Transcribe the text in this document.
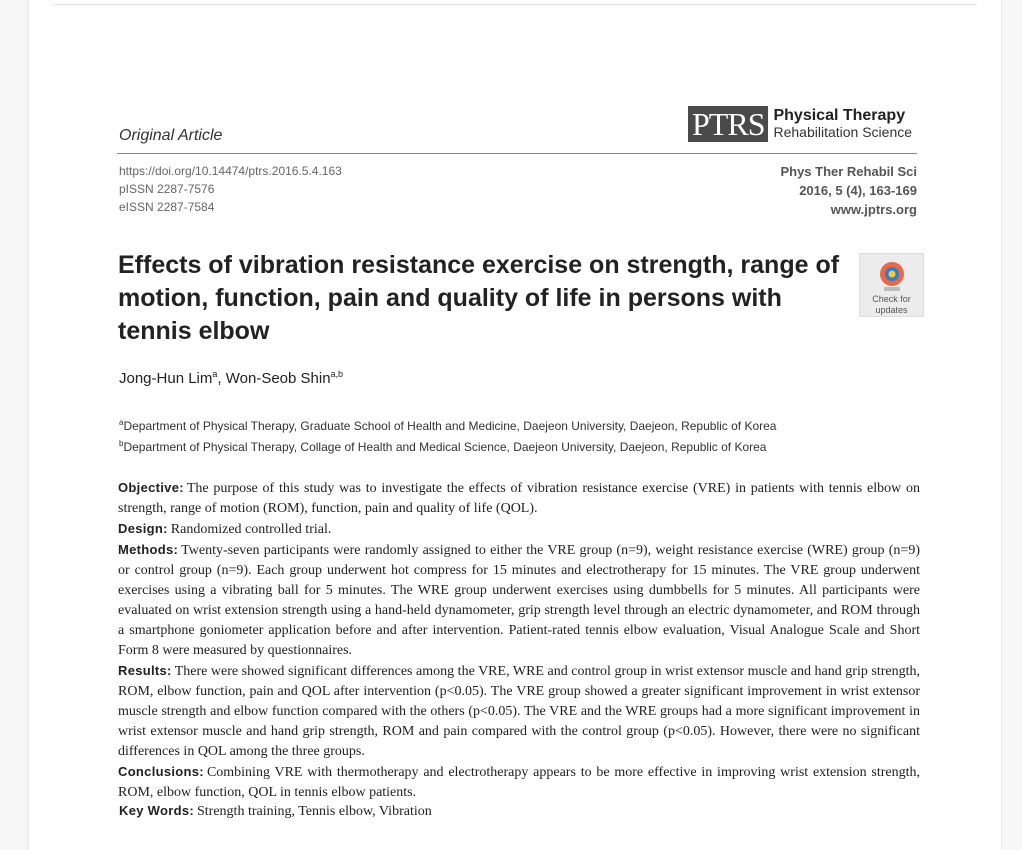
Original Article	PTRS Physical Therapy
Rehabilitation Science
https://doi.org/10.14474/ptrs.2016.5.4.163
pISSN 2287-7576
eISSN 2287-7584
Phys Ther Rehabil Sci
2016, 5 (4), 163-169
www.jptrs.org
Effects of vibration resistance exercise on strength, range of motion, function, pain and quality of life in persons with tennis elbow
Check for
updates
Jong-Hun Lim$^a$, Won-Seob Shin$^{a,b}$
$^a$Department of Physical Therapy, Graduate School of Health and Medicine, Daejeon University, Daejeon, Republic of Korea
$^b$Department of Physical Therapy, Collage of Health and Medical Science, Daejeon University, Daejeon, Republic of Korea

Objective: The purpose of this study was to investigate the effects of vibration resistance exercise (VRE) in patients with tennis elbow on strength, range of motion (ROM), function, pain and quality of life (QOL).

Design: Randomized controlled trial.

Methods: Twenty-seven participants were randomly assigned to either the VRE group (n=9), weight resistance exercise (WRE) group (n=9) or control group (n=9). Each group underwent hot compress for 15 minutes and electrotherapy for 15 minutes. The VRE group underwent exercises using a vibrating ball for 5 minutes. The WRE group underwent exercises using dumbbells for 5 minutes. All participants were evaluated on wrist extension strength using a hand-held dynamometer, grip strength level through an electric dynamometer, and ROM through a smartphone goniometer application before and after intervention. Patient-rated tennis elbow evaluation, Visual Analogue Scale and Short Form 8 were measured by questionnaires.

Results: There were showed significant differences among the VRE, WRE and control group in wrist extensor muscle and hand grip strength, ROM, elbow function, pain and QOL after intervention (p<0.05). The VRE group showed a greater significant improvement in wrist extensor muscle strength and elbow function compared with the others (p<0.05). The VRE and the WRE groups had a more significant improvement in wrist extensor muscle and hand grip strength, ROM and pain compared with the control group (p<0.05). However, there were no significant differences in QOL among the three groups.

Conclusions: Combining VRE with thermotherapy and electrotherapy appears to be more effective in improving wrist extension strength, ROM, elbow function, QOL in tennis elbow patients.

Key Words: Strength training, Tennis elbow, Vibration
